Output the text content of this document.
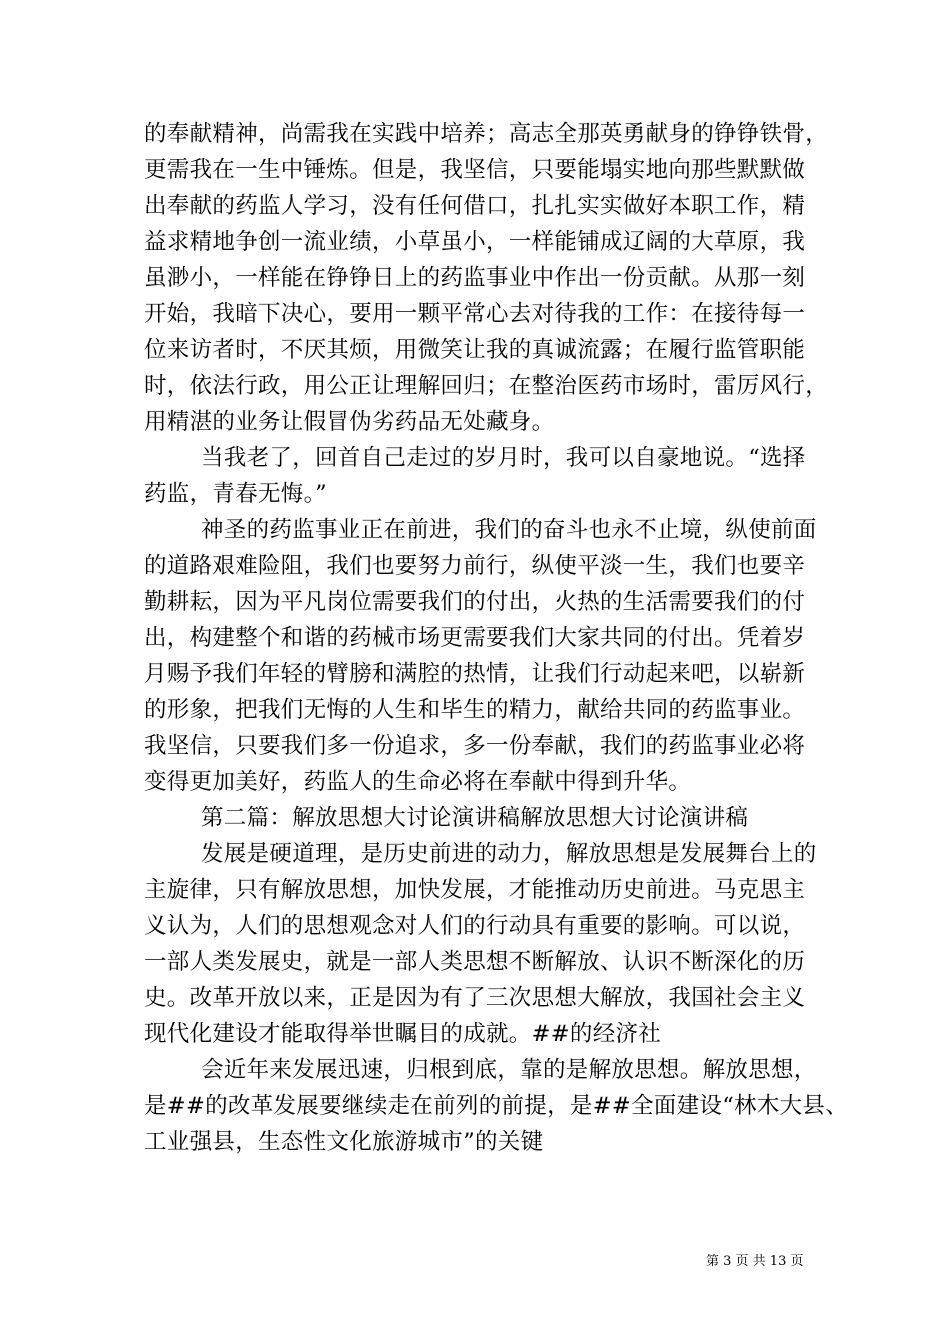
的奉献精神，尚需我在实践中培养；高志全那英勇献身的铮铮铁骨，
更需我在一生中锤炼。但是，我坚信，只要能塌实地向那些默默做
出奉献的药监人学习，没有任何借口，扎扎实实做好本职工作，精
益求精地争创一流业绩，小草虽小，一样能铺成辽阔的大草原，我
虽渺小，一样能在铮铮日上的药监事业中作出一份贡献。从那一刻
开始，我暗下决心，要用一颗平常心去对待我的工作：在接待每一
位来访者时，不厌其烦，用微笑让我的真诚流露；在履行监管职能
时，依法行政，用公正让理解回归；在整治医药市场时，雷厉风行，
用精湛的业务让假冒伪劣药品无处藏身。
当我老了，回首自己走过的岁月时，我可以自豪地说。“选择
药监，青春无悔。”
神圣的药监事业正在前进，我们的奋斗也永不止境，纵使前面
的道路艰难险阻，我们也要努力前行，纵使平淡一生，我们也要辛
勤耕耘，因为平凡岗位需要我们的付出，火热的生活需要我们的付
出，构建整个和谐的药械市场更需要我们大家共同的付出。凭着岁
月赐予我们年轻的臂膀和满腔的热情，让我们行动起来吧，以崭新
的形象，把我们无悔的人生和毕生的精力，献给共同的药监事业。
我坚信，只要我们多一份追求，多一份奉献，我们的药监事业必将
变得更加美好，药监人的生命必将在奉献中得到升华。
第二篇：解放思想大讨论演讲稿解放思想大讨论演讲稿
发展是硬道理，是历史前进的动力，解放思想是发展舞台上的
主旋律，只有解放思想，加快发展，才能推动历史前进。马克思主
义认为，人们的思想观念对人们的行动具有重要的影响。可以说，
一部人类发展史，就是一部人类思想不断解放、认识不断深化的历
史。改革开放以来，正是因为有了三次思想大解放，我国社会主义
现代化建设才能取得举世瞩目的成就。##的经济社
会近年来发展迅速，归根到底，靠的是解放思想。解放思想，
是##的改革发展要继续走在前列的前提，是##全面建设“林木大县、
工业强县，生态性文化旅游城市”的关键
第 3 页 共 13 页
